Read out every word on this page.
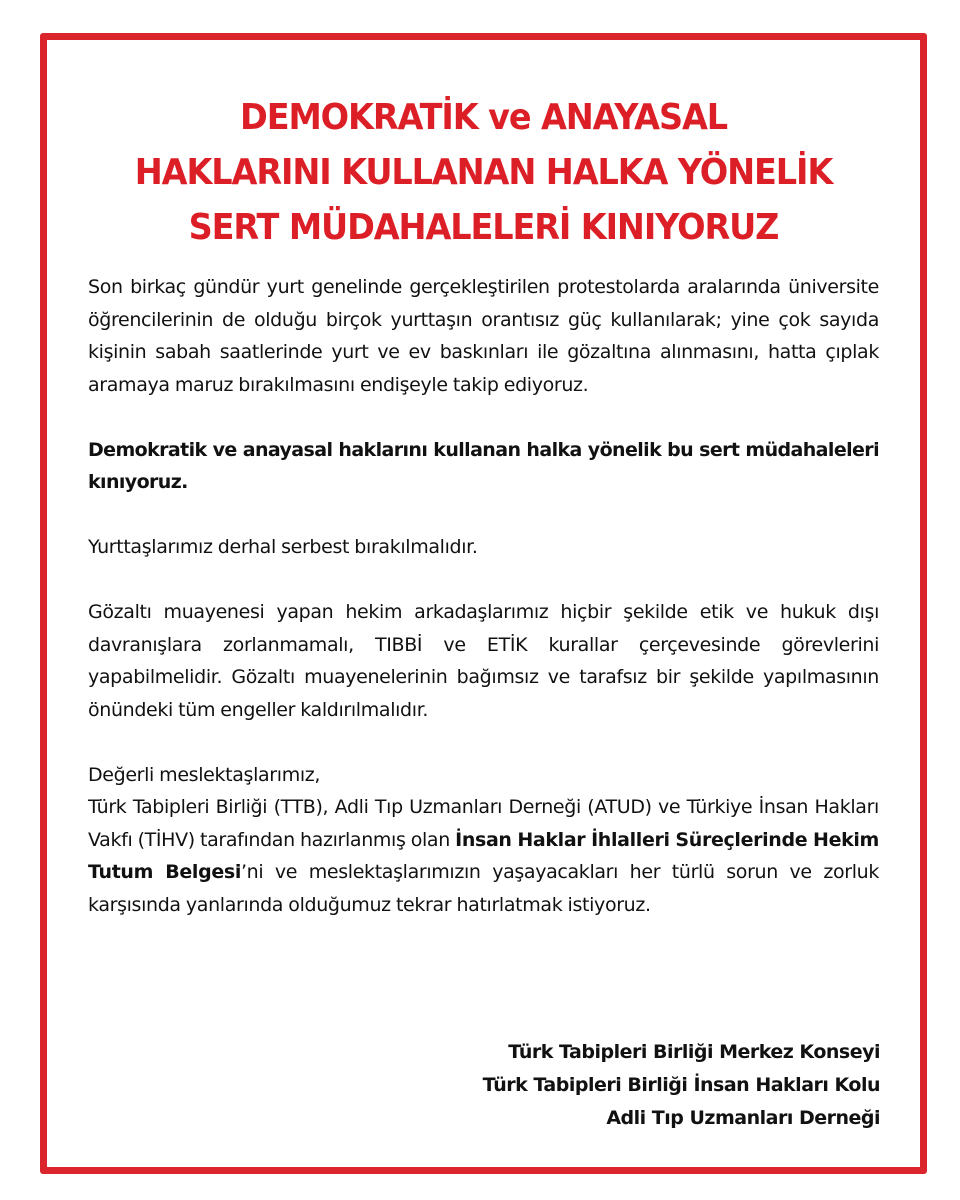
DEMOKRATİK ve ANAYASAL
HAKLARINI KULLANAN HALKA YÖNELİK
SERT MÜDAHALELERİ KINIYORUZ

Son birkaç gündür yurt genelinde gerçekleştirilen protestolarda aralarında üniversite öğrencilerinin de olduğu birçok yurttaşın orantısız güç kullanılarak; yine çok sayıda kişinin sabah saatlerinde yurt ve ev baskınları ile gözaltına alınmasını, hatta çıplak aramaya maruz bırakılmasını endişeyle takip ediyoruz.

Demokratik ve anayasal haklarını kullanan halka yönelik bu sert müdahaleleri kınıyoruz.

Yurttaşlarımız derhal serbest bırakılmalıdır.

Gözaltı muayenesi yapan hekim arkadaşlarımız hiçbir şekilde etik ve hukuk dışı davranışlara zorlanmamalı, TIBBİ ve ETİK kurallar çerçevesinde görevlerini yapabilmelidir. Gözaltı muayenelerinin bağımsız ve tarafsız bir şekilde yapılmasının önündeki tüm engeller kaldırılmalıdır.

Değerli meslektaşlarımız,
Türk Tabipleri Birliği (TTB), Adli Tıp Uzmanları Derneği (ATUD) ve Türkiye İnsan Hakları Vakfı (TİHV) tarafından hazırlanmış olan İnsan Haklar İhlalleri Süreçlerinde Hekim Tutum Belgesi’ni ve meslektaşlarımızın yaşayacakları her türlü sorun ve zorluk karşısında yanlarında olduğumuz tekrar hatırlatmak istiyoruz.

Türk Tabipleri Birliği Merkez Konseyi
Türk Tabipleri Birliği İnsan Hakları Kolu
Adli Tıp Uzmanları Derneği
